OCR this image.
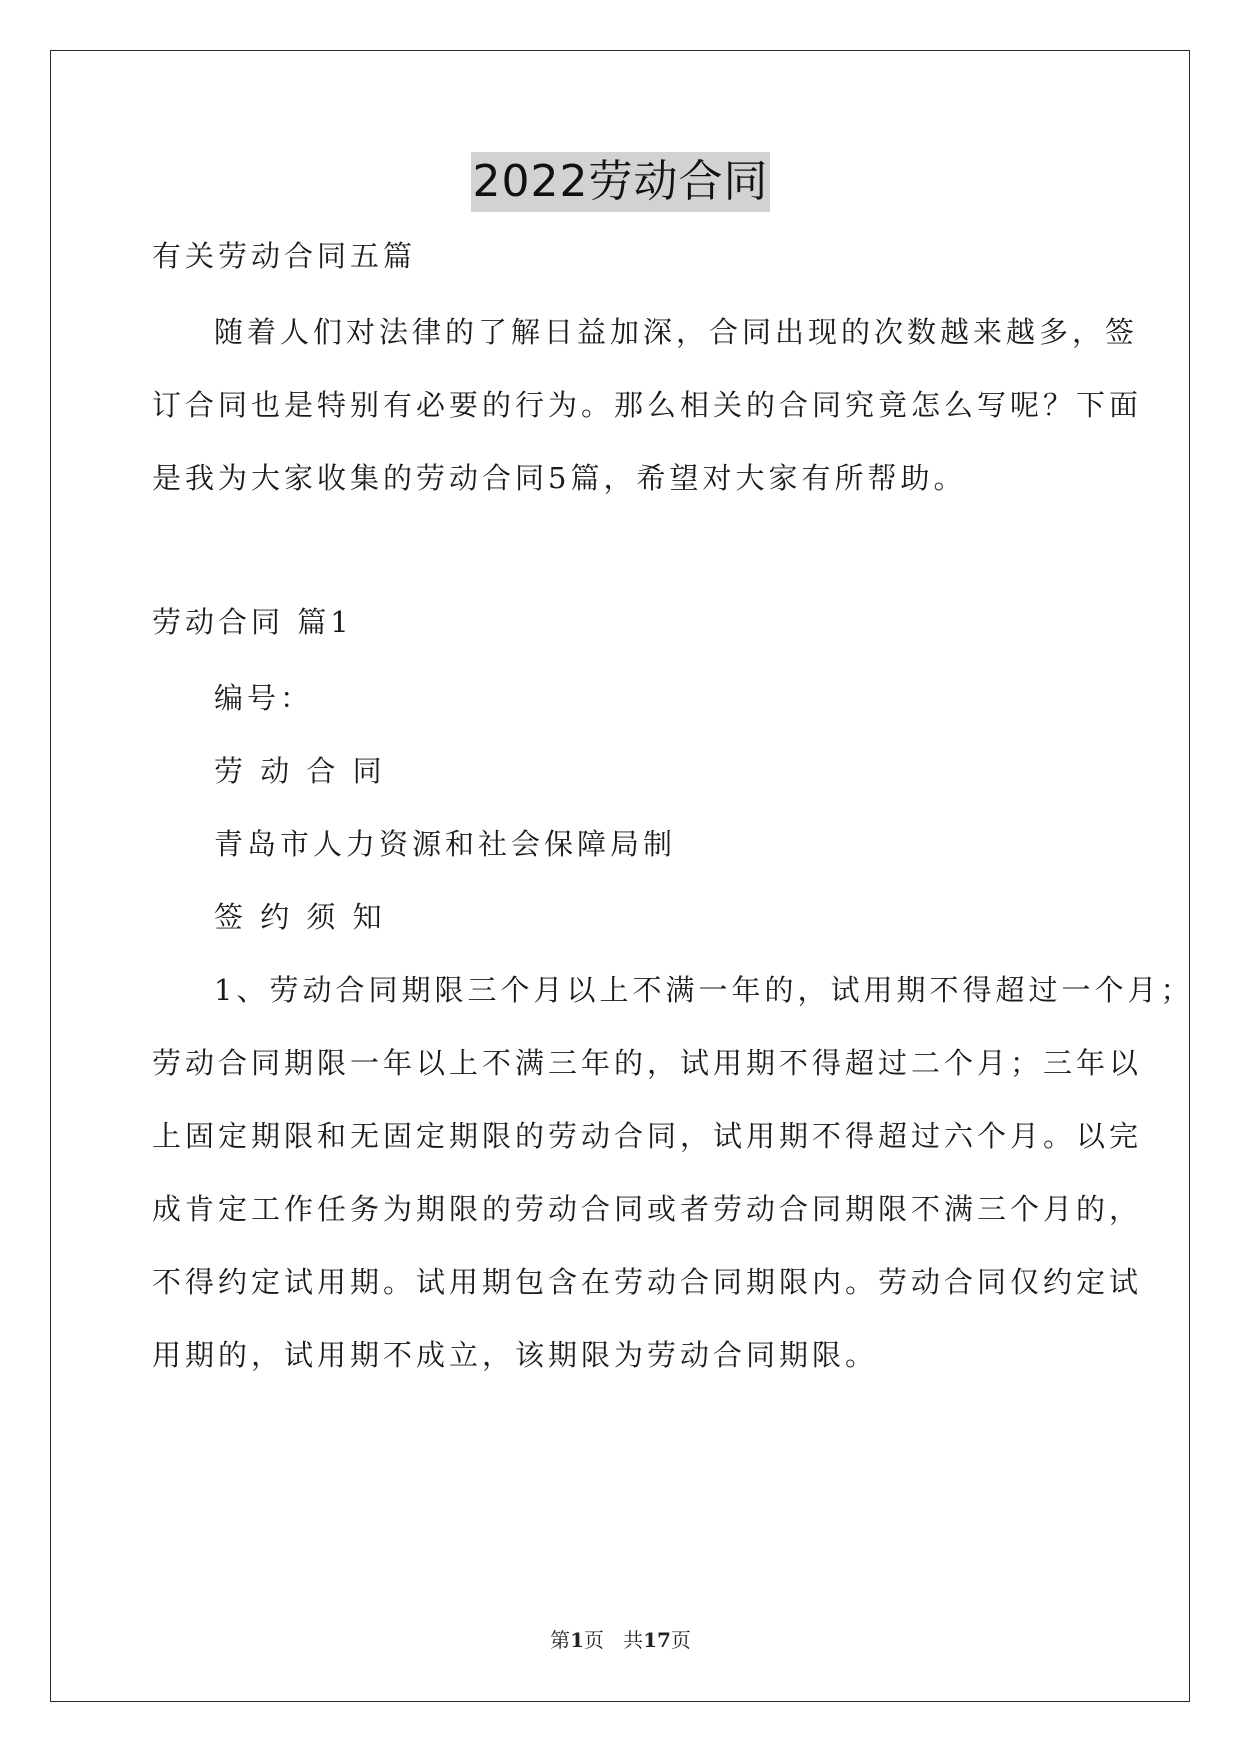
2022劳动合同
有关劳动合同五篇
随着人们对法律的了解日益加深，合同出现的次数越来越多，签
订合同也是特别有必要的行为。那么相关的合同究竟怎么写呢？下面
是我为大家收集的劳动合同5篇，希望对大家有所帮助。
劳动合同 篇1
编号：
劳 动 合 同
青岛市人力资源和社会保障局制
签 约 须 知
1、劳动合同期限三个月以上不满一年的，试用期不得超过一个月；
劳动合同期限一年以上不满三年的，试用期不得超过二个月；三年以
上固定期限和无固定期限的劳动合同，试用期不得超过六个月。以完
成肯定工作任务为期限的劳动合同或者劳动合同期限不满三个月的，
不得约定试用期。试用期包含在劳动合同期限内。劳动合同仅约定试
用期的，试用期不成立，该期限为劳动合同期限。
第1页 共17页
